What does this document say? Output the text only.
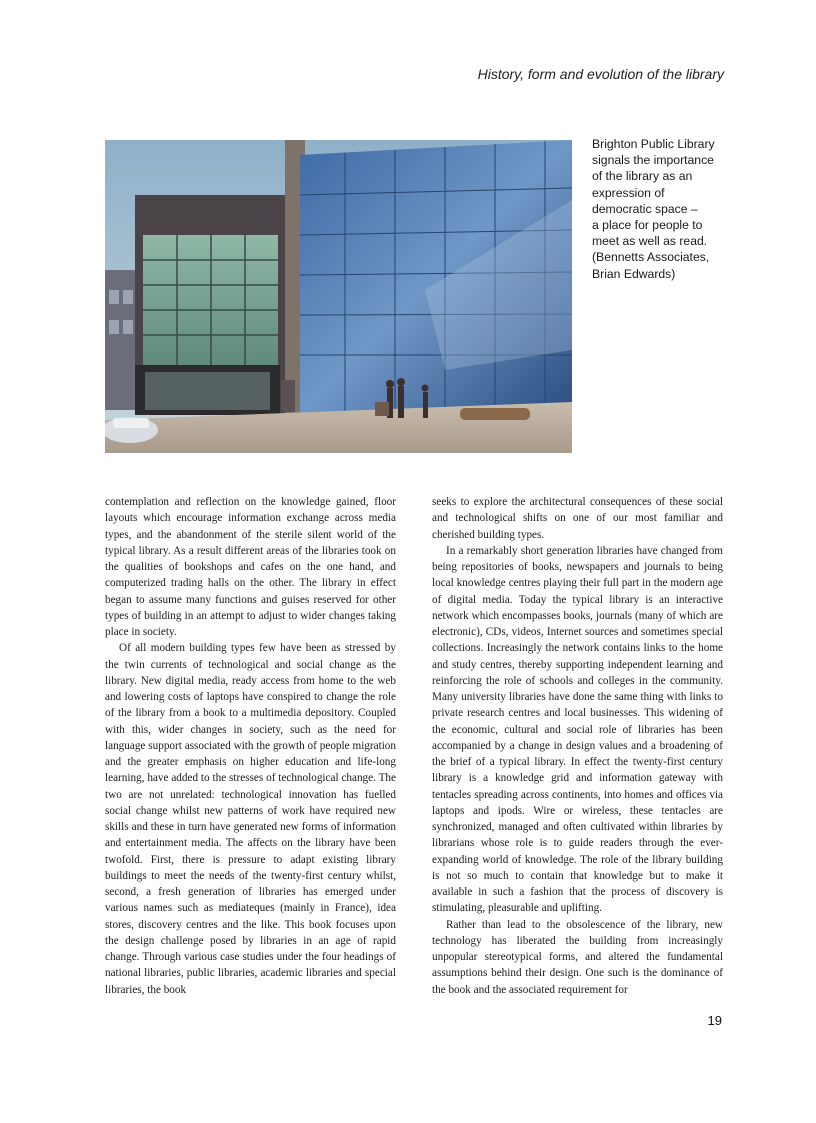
History, form and evolution of the library
Brighton Public Library
signals the importance
of the library as an
expression of
democratic space –
a place for people to
meet as well as read.
(Bennetts Associates,
Brian Edwards)

contemplation and reflection on the knowledge gained, floor layouts which encourage information exchange across media types, and the abandonment of the sterile silent world of the typical library. As a result different areas of the libraries took on the qualities of bookshops and cafes on the one hand, and computerized trading halls on the other. The library in effect began to assume many functions and guises reserved for other types of building in an attempt to adjust to wider changes taking place in society.

Of all modern building types few have been as stressed by the twin currents of technological and social change as the library. New digital media, ready access from home to the web and lowering costs of laptops have conspired to change the role of the library from a book to a multimedia depository. Coupled with this, wider changes in society, such as the need for language support associated with the growth of people migration and the greater emphasis on higher education and life-long learning, have added to the stresses of technological change. The two are not unrelated: technological innovation has fuelled social change whilst new patterns of work have required new skills and these in turn have generated new forms of information and entertainment media. The affects on the library have been twofold. First, there is pressure to adapt existing library buildings to meet the needs of the twenty-first century whilst, second, a fresh generation of libraries has emerged under various names such as mediateques (mainly in France), idea stores, discovery centres and the like. This book focuses upon the design challenge posed by libraries in an age of rapid change. Through various case studies under the four headings of national libraries, public libraries, academic libraries and special libraries, the book

seeks to explore the architectural consequences of these social and technological shifts on one of our most familiar and cherished building types.

In a remarkably short generation libraries have changed from being repositories of books, newspapers and journals to being local knowledge centres playing their full part in the modern age of digital media. Today the typical library is an interactive network which encompasses books, journals (many of which are electronic), CDs, videos, Internet sources and sometimes special collections. Increasingly the network contains links to the home and study centres, thereby supporting independent learning and reinforcing the role of schools and colleges in the community. Many university libraries have done the same thing with links to private research centres and local businesses. This widening of the economic, cultural and social role of libraries has been accompanied by a change in design values and a broadening of the brief of a typical library. In effect the twenty-first century library is a knowledge grid and information gateway with tentacles spreading across continents, into homes and offices via laptops and ipods. Wire or wireless, these tentacles are synchronized, managed and often cultivated within libraries by librarians whose role is to guide readers through the ever-expanding world of knowledge. The role of the library building is not so much to contain that knowledge but to make it available in such a fashion that the process of discovery is stimulating, pleasurable and uplifting.

Rather than lead to the obsolescence of the library, new technology has liberated the building from increasingly unpopular stereotypical forms, and altered the fundamental assumptions behind their design. One such is the dominance of the book and the associated requirement for

19
